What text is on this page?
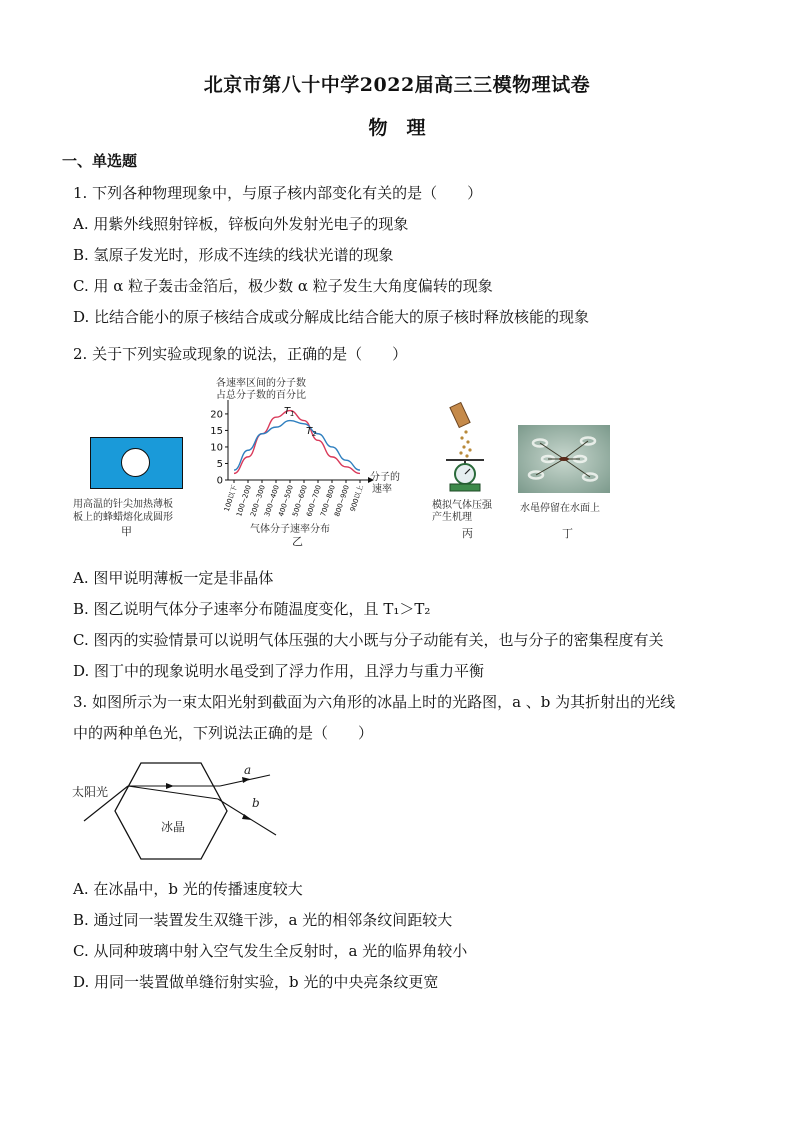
北京市第八十中学2022届高三三模物理试卷
物　理
一、单选题
1. 下列各种物理现象中，与原子核内部变化有关的是（　　）
A. 用紫外线照射锌板，锌板向外发射光电子的现象
B. 氢原子发光时，形成不连续的线状光谱的现象
C. 用 α 粒子轰击金箔后，极少数 α 粒子发生大角度偏转的现象
D. 比结合能小的原子核结合成或分解成比结合能大的原子核时释放核能的现象
2. 关于下列实验或现象的说法，正确的是（　　）
用高温的针尖加热薄板
板上的蜂蜡熔化成圆形
甲
各速率区间的分子数
占总分子数的百分比
0
5
10
15
20
100以下
100~200
200~300
300~400
400~500
500~600
600~700
700~800
800~900
900以上
$T_1$
$T_2$
分子的
速率
气体分子速率分布
乙
模拟气体压强
产生机理
丙
水黾停留在水面上
丁
A. 图甲说明薄板一定是非晶体
B. 图乙说明气体分子速率分布随温度变化，且 T₁＞T₂
C. 图丙的实验情景可以说明气体压强的大小既与分子动能有关，也与分子的密集程度有关
D. 图丁中的现象说明水黾受到了浮力作用，且浮力与重力平衡
3. 如图所示为一束太阳光射到截面为六角形的冰晶上时的光路图，a 、b 为其折射出的光线
中的两种单色光，下列说法正确的是（　　）
太阳光
冰晶
a
b
A. 在冰晶中，b 光的传播速度较大
B. 通过同一装置发生双缝干涉，a 光的相邻条纹间距较大
C. 从同种玻璃中射入空气发生全反射时，a 光的临界角较小
D. 用同一装置做单缝衍射实验，b 光的中央亮条纹更宽
